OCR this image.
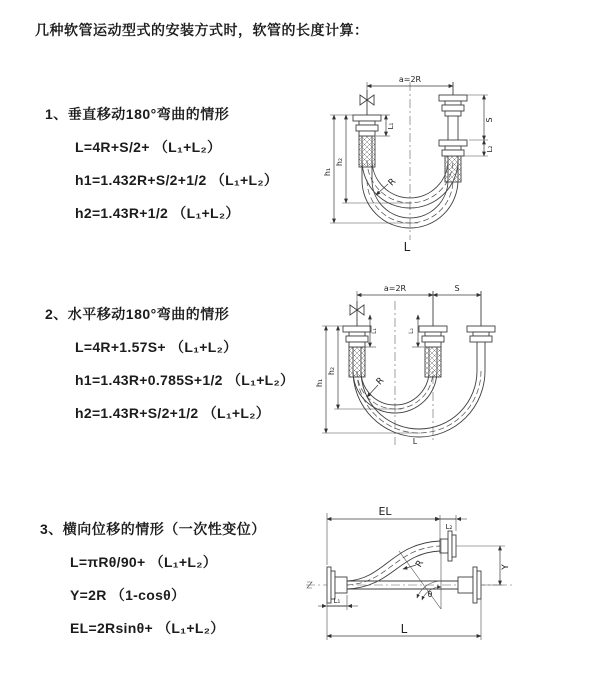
几种软管运动型式的安装方式时，软管的长度计算：
1、垂直移动180°弯曲的情形
L=4R+S/2+ （L₁+L₂）
h1=1.432R+S/2+1/2 （L₁+L₂）
h2=1.43R+1/2 （L₁+L₂）
2、水平移动180°弯曲的情形
L=4R+1.57S+ （L₁+L₂）
h1=1.43R+0.785S+1/2 （L₁+L₂）
h2=1.43R+S/2+1/2 （L₁+L₂）
3、横向位移的情形（一次性变位）
L=πRθ/90+ （L₁+L₂）
Y=2R （1-cosθ）
EL=2Rsinθ+ （L₁+L₂）
a=2R
S
L₂
L₁
h₁
h₂
R
L
a=2R	S
h₁
h₂
L₁	L₂
R
L
EL
L₂
Y
L
L₁
R
θ
